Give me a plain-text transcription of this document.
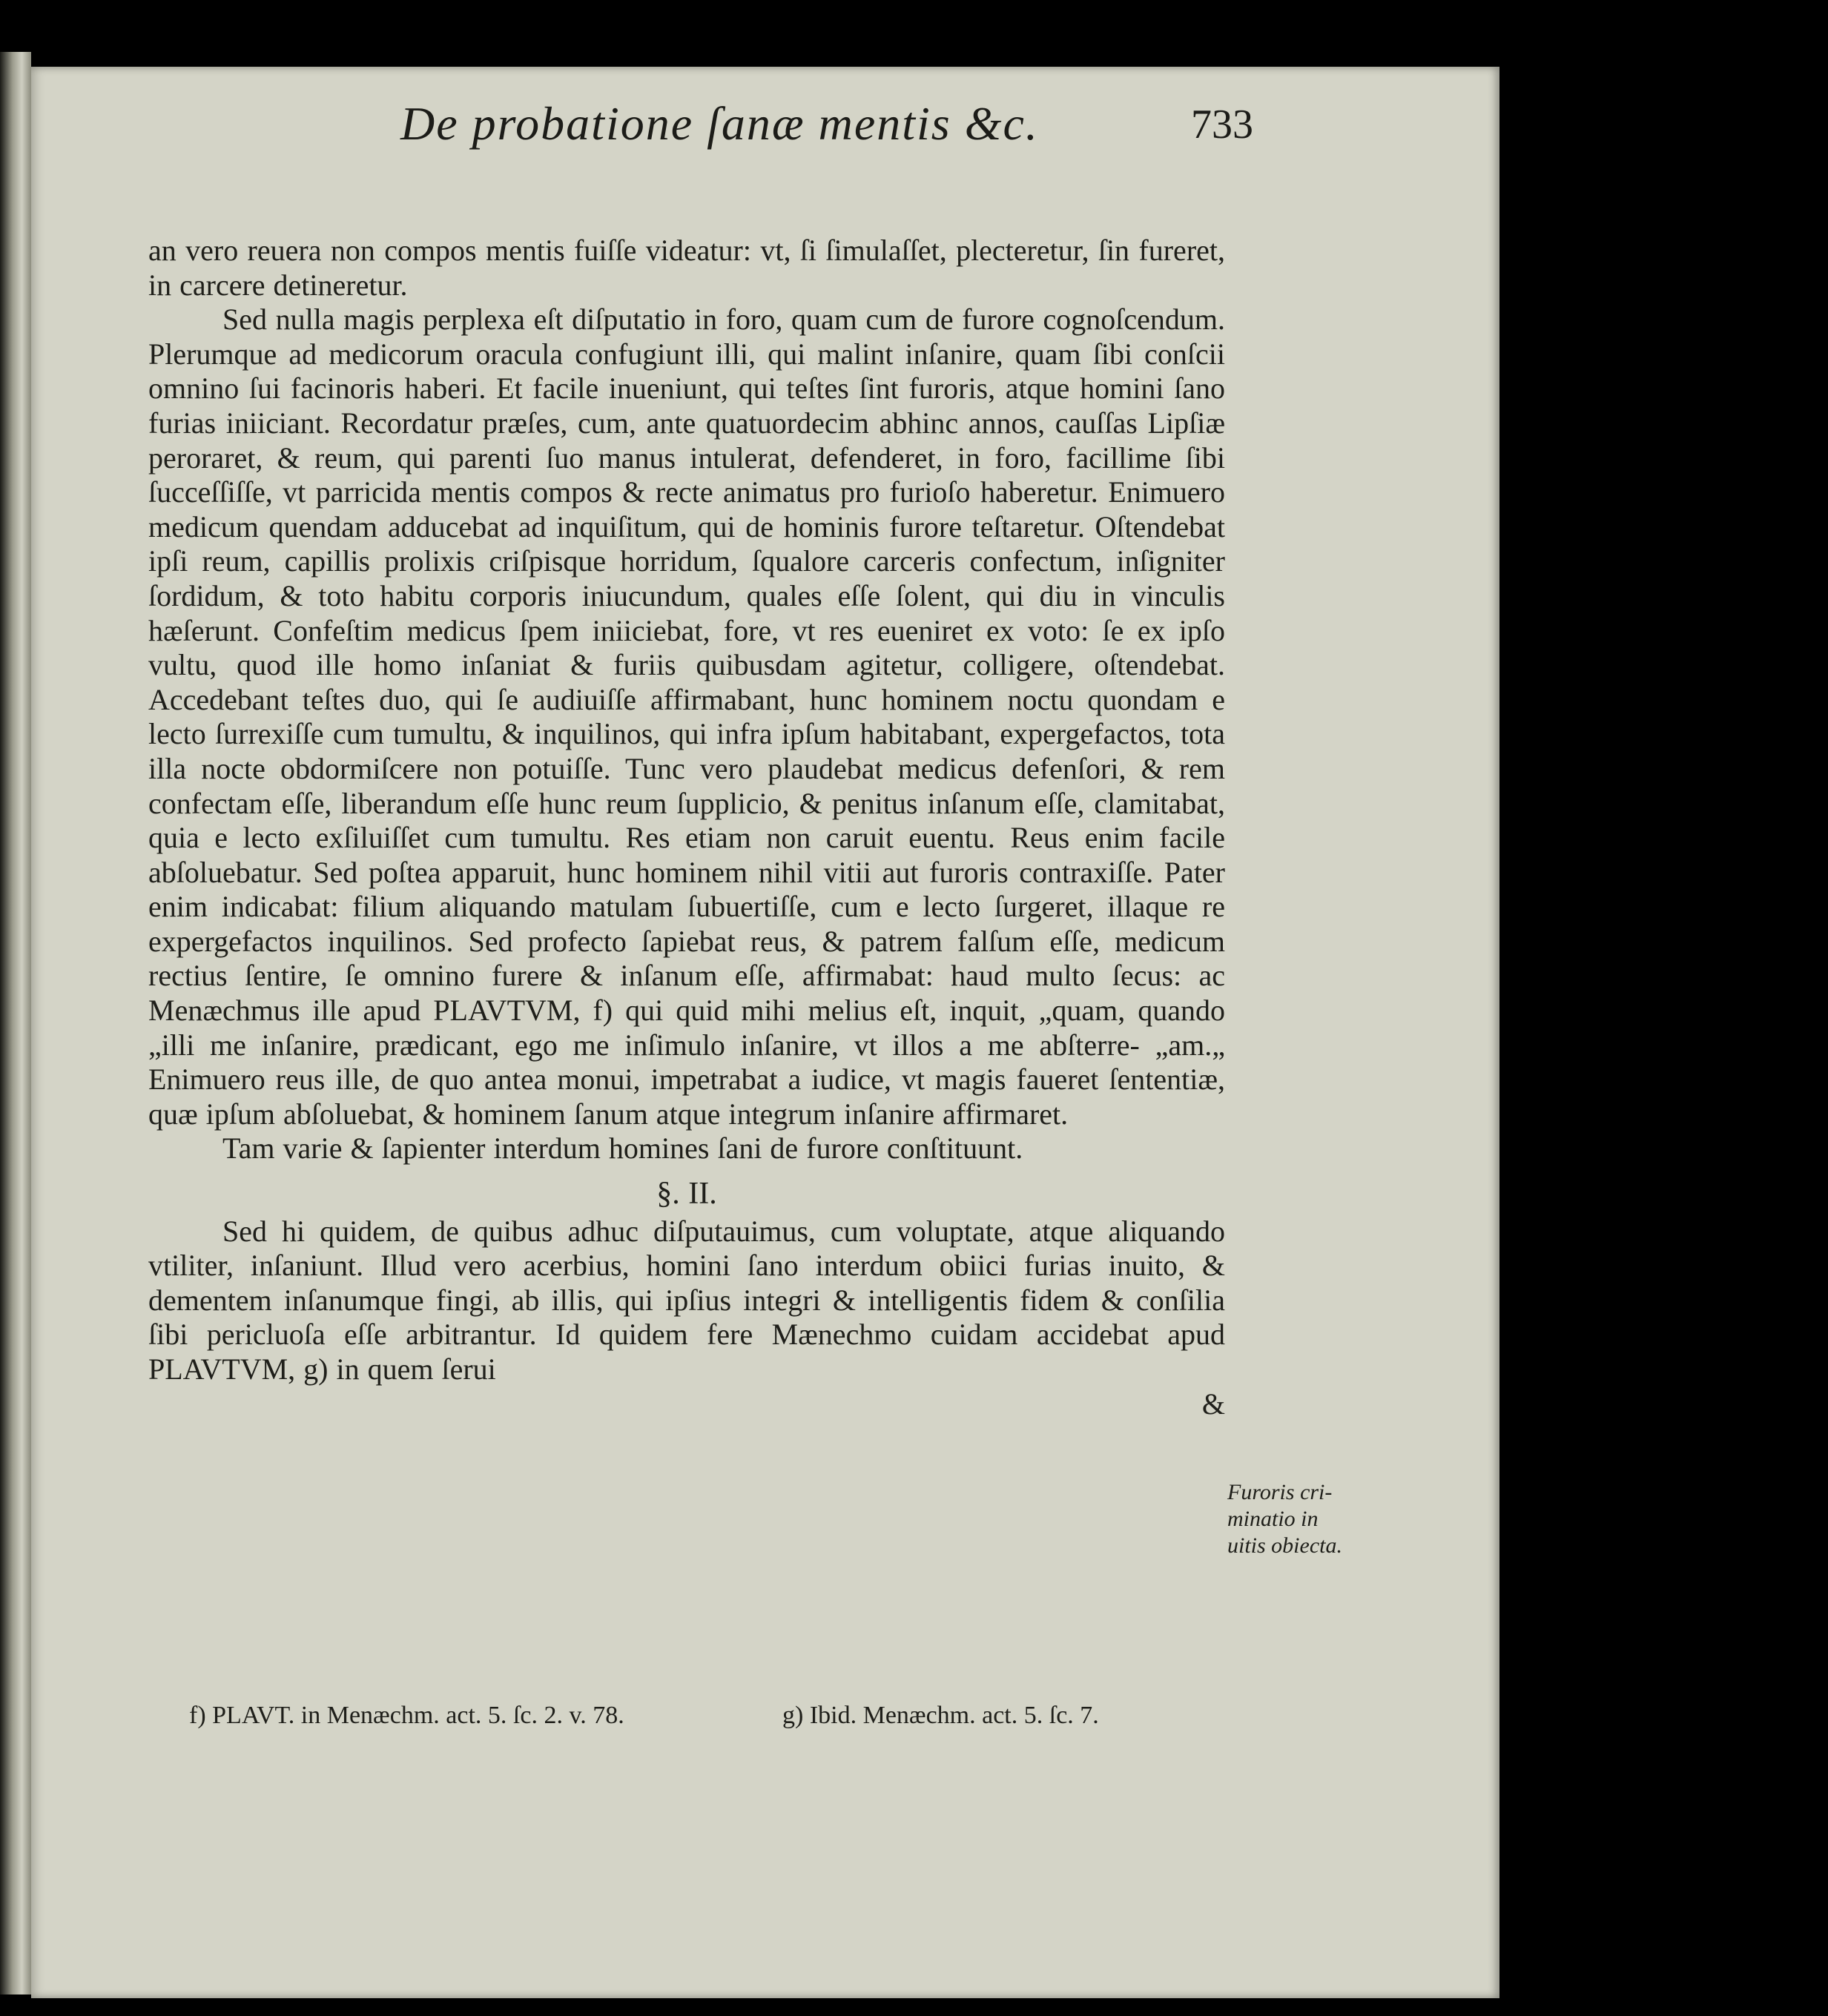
De probatione ſanæ mentis &c.	733

an vero reuera non compos mentis fuiſſe videatur: vt, ſi ſimulaſſet, plecteretur, ſin fureret, in carcere detineretur.

Sed nulla magis perplexa eſt diſputatio in foro, quam cum de furore cognoſcendum. Plerumque ad medicorum oracula confugiunt illi, qui malint inſanire, quam ſibi conſcii omnino ſui facinoris haberi. Et facile inueniunt, qui teſtes ſint furoris, atque homini ſano furias iniiciant. Recordatur præſes, cum, ante quatuordecim abhinc annos, cauſſas Lipſiæ peroraret, & reum, qui parenti ſuo manus intulerat, defenderet, in foro, facillime ſibi ſucceſſiſſe, vt parricida mentis compos & recte animatus pro furioſo haberetur. Enimuero medicum quendam adducebat ad inquiſitum, qui de hominis furore teſtaretur. Oſtendebat ipſi reum, capillis prolixis criſpisque horridum, ſqualore carceris confectum, inſigniter ſordidum, & toto habitu corporis iniucundum, quales eſſe ſolent, qui diu in vinculis hæſerunt. Confeſtim medicus ſpem iniiciebat, fore, vt res eueniret ex voto: ſe ex ipſo vultu, quod ille homo inſaniat & furiis quibusdam agitetur, colligere, oſtendebat. Accedebant teſtes duo, qui ſe audiuiſſe affirmabant, hunc hominem noctu quondam e lecto ſurrexiſſe cum tumultu, & inquilinos, qui infra ipſum habitabant, expergefactos, tota illa nocte obdormiſcere non potuiſſe. Tunc vero plaudebat medicus defenſori, & rem confectam eſſe, liberandum eſſe hunc reum ſupplicio, & penitus inſanum eſſe, clamitabat, quia e lecto exſiluiſſet cum tumultu. Res etiam non caruit euentu. Reus enim facile abſoluebatur. Sed poſtea apparuit, hunc hominem nihil vitii aut furoris contraxiſſe. Pater enim indicabat: filium aliquando matulam ſubuertiſſe, cum e lecto ſurgeret, illaque re expergefactos inquilinos. Sed profecto ſapiebat reus, & patrem falſum eſſe, medicum rectius ſentire, ſe omnino furere & inſanum eſſe, affirmabat: haud multo ſecus: ac Menæchmus ille apud PLAVTVM, f) qui quid mihi melius eſt, inquit, „quam, quando „illi me inſanire, prædicant, ego me inſimulo inſanire, vt illos a me abſterre- „am.„ Enimuero reus ille, de quo antea monui, impetrabat a iudice, vt magis faueret ſententiæ, quæ ipſum abſoluebat, & hominem ſanum atque integrum inſanire affirmaret.

Tam varie & ſapienter interdum homines ſani de furore conſtituunt.

§. II.

Sed hi quidem, de quibus adhuc diſputauimus, cum voluptate, atque aliquando vtiliter, inſaniunt. Illud vero acerbius, homini ſano interdum obiici furias inuito, & dementem inſanumque fingi, ab illis, qui ipſius integri & intelligentis fidem & conſilia ſibi pericluoſa eſſe arbitrantur. Id quidem fere Mænechmo cuidam accidebat apud PLAVTVM, g) in quem ſerui

&

Furoris cri-
minatio in
uitis obiecta.
f) PLAVT. in Menæchm. act. 5. ſc. 2. v. 78.	g) Ibid. Menæchm. act. 5. ſc. 7.
